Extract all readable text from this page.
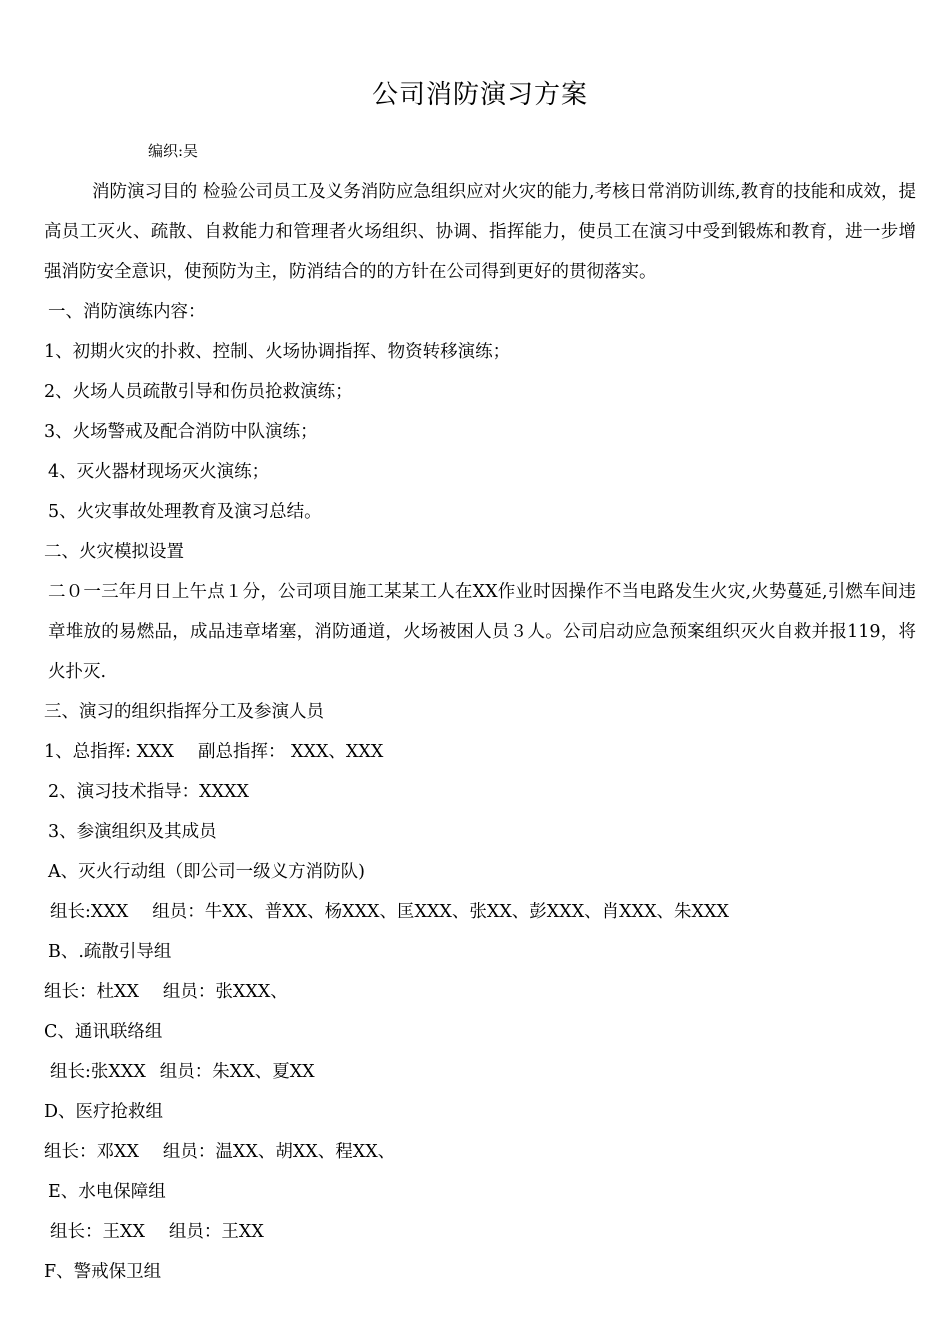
公司消防演习方案
编织:吴

消防演习目的 检验公司员工及义务消防应急组织应对火灾的能力,考核日常消防训练,教育的技能和成效，提高员工灭火、疏散、自救能力和管理者火场组织、协调、指挥能力，使员工在演习中受到锻炼和教育，进一步增强消防安全意识，使预防为主，防消结合的的方针在公司得到更好的贯彻落实。

一、消防演练内容：

1、初期火灾的扑救、控制、火场协调指挥、物资转移演练；

2、火场人员疏散引导和伤员抢救演练；

3、火场警戒及配合消防中队演练；

4、灭火器材现场灭火演练；

5、火灾事故处理教育及演习总结。

二、火灾模拟设置

二０一三年月日上午点１分，公司项目施工某某工人在XX作业时因操作不当电路发生火灾,火势蔓延,引燃车间违章堆放的易燃品，成品违章堵塞，消防通道，火场被困人员３人。公司启动应急预案组织灭火自救并报119，将火扑灭.

三、演习的组织指挥分工及参演人员

1、总指挥: XXX 副总指挥： XXX、XXX

2、演习技术指导：XXXX

3、参演组织及其成员

A、灭火行动组（即公司一级义方消防队)

组长:XXX 组员：牛XX、普XX、杨XXX、匡XXX、张XX、彭XXX、肖XXX、朱XXX

B、.疏散引导组

组长：杜XX 组员：张XXX、

C、通讯联络组

组长:张XXX 组员：朱XX、夏XX

D、医疗抢救组

组长：邓XX 组员：温XX、胡XX、程XX、

E、水电保障组

组长：王XX 组员：王XX

F、警戒保卫组
